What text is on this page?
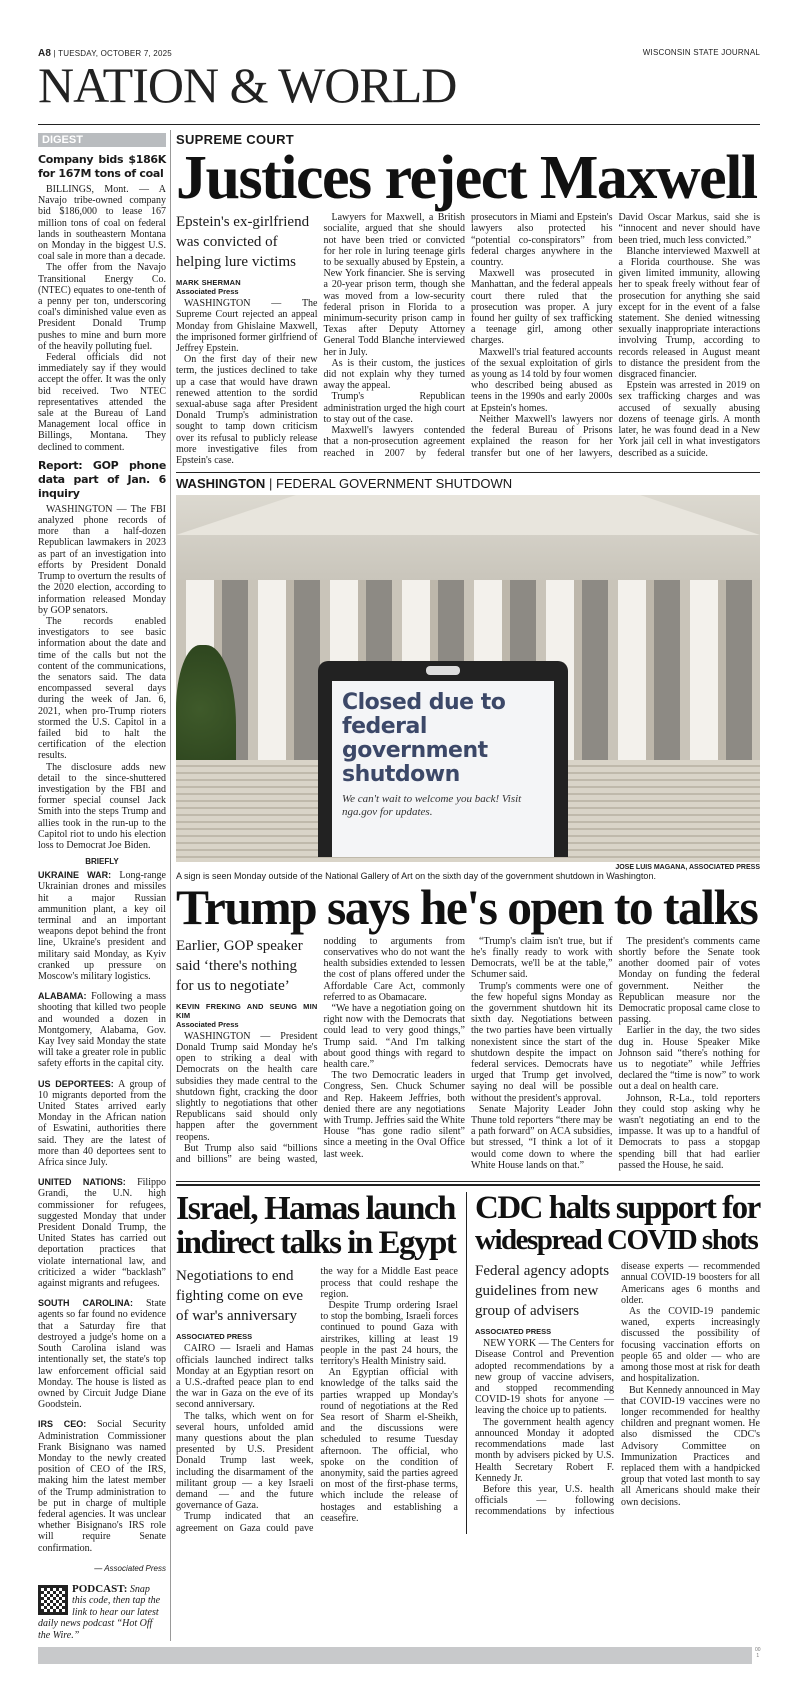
A8 | TUESDAY, OCTOBER 7, 2025	WISCONSIN STATE JOURNAL
NATION & WORLD
DIGEST
Company bids $186K for 167M tons of coal

BILLINGS, Mont. — A Navajo tribe-owned company bid $186,000 to lease 167 million tons of coal on federal lands in southeastern Montana on Monday in the biggest U.S. coal sale in more than a decade.

The offer from the Navajo Transitional Energy Co. (NTEC) equates to one-tenth of a penny per ton, underscoring coal's diminished value even as President Donald Trump pushes to mine and burn more of the heavily polluting fuel.

Federal officials did not immediately say if they would accept the offer. It was the only bid received. Two NTEC representatives attended the sale at the Bureau of Land Management local office in Billings, Montana. They declined to comment.

Report: GOP phone data part of Jan. 6 inquiry

WASHINGTON — The FBI analyzed phone records of more than a half-dozen Republican lawmakers in 2023 as part of an investigation into efforts by President Donald Trump to overturn the results of the 2020 election, according to information released Monday by GOP senators.

The records enabled investigators to see basic information about the date and time of the calls but not the content of the communications, the senators said. The data encompassed several days during the week of Jan. 6, 2021, when pro-Trump rioters stormed the U.S. Capitol in a failed bid to halt the certification of the election results.

The disclosure adds new detail to the since-shuttered investigation by the FBI and former special counsel Jack Smith into the steps Trump and allies took in the run-up to the Capitol riot to undo his election loss to Democrat Joe Biden.

BRIEFLY

UKRAINE WAR: Long-range Ukrainian drones and missiles hit a major Russian ammunition plant, a key oil terminal and an important weapons depot behind the front line, Ukraine's president and military said Monday, as Kyiv cranked up pressure on Moscow's military logistics.

ALABAMA: Following a mass shooting that killed two people and wounded a dozen in Montgomery, Alabama, Gov. Kay Ivey said Monday the state will take a greater role in public safety efforts in the capital city.

US DEPORTEES: A group of 10 migrants deported from the United States arrived early Monday in the African nation of Eswatini, authorities there said. They are the latest of more than 40 deportees sent to Africa since July.

UNITED NATIONS: Filippo Grandi, the U.N. high commissioner for refugees, suggested Monday that under President Donald Trump, the United States has carried out deportation practices that violate international law, and criticized a wider “backlash” against migrants and refugees.

SOUTH CAROLINA: State agents so far found no evidence that a Saturday fire that destroyed a judge's home on a South Carolina island was intentionally set, the state's top law enforcement official said Monday. The house is listed as owned by Circuit Judge Diane Goodstein.

IRS CEO: Social Security Administration Commissioner Frank Bisignano was named Monday to the newly created position of CEO of the IRS, making him the latest member of the Trump administration to be put in charge of multiple federal agencies. It was unclear whether Bisignano's IRS role will require Senate confirmation.

— Associated Press
PODCAST: Snap this code, then tap the link to hear our latest daily news podcast “Hot Off the Wire.”
SUPREME COURT
Justices reject Maxwell
Epstein's ex-girlfriend was convicted of helping lure victims
MARK SHERMAN
Associated Press

WASHINGTON — The Supreme Court rejected an appeal Monday from Ghislaine Maxwell, the imprisoned former girlfriend of Jeffrey Epstein.

On the first day of their new term, the justices declined to take up a case that would have drawn renewed attention to the sordid sexual-abuse saga after President Donald Trump's administration sought to tamp down criticism over its refusal to publicly release more investigative files from Epstein's case.

Lawyers for Maxwell, a British socialite, argued that she should not have been tried or convicted for her role in luring teenage girls to be sexually abused by Epstein, a New York financier. She is serving a 20-year prison term, though she was moved from a low-security federal prison in Florida to a minimum-security prison camp in Texas after Deputy Attorney General Todd Blanche interviewed her in July.

As is their custom, the justices did not explain why they turned away the appeal.

Trump's Republican administration urged the high court to stay out of the case.

Maxwell's lawyers contended that a non-prosecution agreement reached in 2007 by federal prosecutors in Miami and Epstein's lawyers also protected his “potential co-conspirators” from federal charges anywhere in the country.

Maxwell was prosecuted in Manhattan, and the federal appeals court there ruled that the prosecution was proper. A jury found her guilty of sex trafficking a teenage girl, among other charges.

Maxwell's trial featured accounts of the sexual exploitation of girls as young as 14 told by four women who described being abused as teens in the 1990s and early 2000s at Epstein's homes.

Neither Maxwell's lawyers nor the federal Bureau of Prisons explained the reason for her transfer but one of her lawyers, David Oscar Markus, said she is “innocent and never should have been tried, much less convicted.”

Blanche interviewed Maxwell at a Florida courthouse. She was given limited immunity, allowing her to speak freely without fear of prosecution for anything she said except for in the event of a false statement. She denied witnessing sexually inappropriate interactions involving Trump, according to records released in August meant to distance the president from the disgraced financier.

Epstein was arrested in 2019 on sex trafficking charges and was accused of sexually abusing dozens of teenage girls. A month later, he was found dead in a New York jail cell in what investigators described as a suicide.

WASHINGTON | FEDERAL GOVERNMENT SHUTDOWN
Closed due to federal government shutdown
We can't wait to welcome you back! Visit nga.gov for updates.
JOSE LUIS MAGANA, ASSOCIATED PRESS
A sign is seen Monday outside of the National Gallery of Art on the sixth day of the government shutdown in Washington.
Trump says he's open to talks
Earlier, GOP speaker said ‘there's nothing for us to negotiate’
KEVIN FREKING AND SEUNG MIN KIM
Associated Press

WASHINGTON — President Donald Trump said Monday he's open to striking a deal with Democrats on the health care subsidies they made central to the shutdown fight, cracking the door slightly to negotiations that other Republicans said should only happen after the government reopens.

But Trump also said “billions and billions” are being wasted, nodding to arguments from conservatives who do not want the health subsidies extended to lessen the cost of plans offered under the Affordable Care Act, commonly referred to as Obamacare.

“We have a negotiation going on right now with the Democrats that could lead to very good things,” Trump said. “And I'm talking about good things with regard to health care.”

The two Democratic leaders in Congress, Sen. Chuck Schumer and Rep. Hakeem Jeffries, both denied there are any negotiations with Trump. Jeffries said the White House “has gone radio silent” since a meeting in the Oval Office last week.

“Trump's claim isn't true, but if he's finally ready to work with Democrats, we'll be at the table,” Schumer said.

Trump's comments were one of the few hopeful signs Monday as the government shutdown hit its sixth day. Negotiations between the two parties have been virtually nonexistent since the start of the shutdown despite the impact on federal services. Democrats have urged that Trump get involved, saying no deal will be possible without the president's approval.

Senate Majority Leader John Thune told reporters “there may be a path forward” on ACA subsidies, but stressed, “I think a lot of it would come down to where the White House lands on that.”

The president's comments came shortly before the Senate took another doomed pair of votes Monday on funding the federal government. Neither the Republican measure nor the Democratic proposal came close to passing.

Earlier in the day, the two sides dug in. House Speaker Mike Johnson said “there's nothing for us to negotiate” while Jeffries declared the “time is now” to work out a deal on health care.

Johnson, R-La., told reporters they could stop asking why he wasn't negotiating an end to the impasse. It was up to a handful of Democrats to pass a stopgap spending bill that had earlier passed the House, he said.

Israel, Hamas launch
indirect talks in Egypt
Negotiations to end fighting come on eve of war's anniversary
ASSOCIATED PRESS

CAIRO — Israeli and Hamas officials launched indirect talks Monday at an Egyptian resort on a U.S.-drafted peace plan to end the war in Gaza on the eve of its second anniversary.

The talks, which went on for several hours, unfolded amid many questions about the plan presented by U.S. President Donald Trump last week, including the disarmament of the militant group — a key Israeli demand — and the future governance of Gaza.

Trump indicated that an agreement on Gaza could pave the way for a Middle East peace process that could reshape the region.

Despite Trump ordering Israel to stop the bombing, Israeli forces continued to pound Gaza with airstrikes, killing at least 19 people in the past 24 hours, the territory's Health Ministry said.

An Egyptian official with knowledge of the talks said the parties wrapped up Monday's round of negotiations at the Red Sea resort of Sharm el-Sheikh, and the discussions were scheduled to resume Tuesday afternoon. The official, who spoke on the condition of anonymity, said the parties agreed on most of the first-phase terms, which include the release of hostages and establishing a ceasefire.

CDC halts support for
widespread COVID shots
Federal agency adopts guidelines from new group of advisers
ASSOCIATED PRESS

NEW YORK — The Centers for Disease Control and Prevention adopted recommendations by a new group of vaccine advisers, and stopped recommending COVID-19 shots for anyone — leaving the choice up to patients.

The government health agency announced Monday it adopted recommendations made last month by advisers picked by U.S. Health Secretary Robert F. Kennedy Jr.

Before this year, U.S. health officials — following recommendations by infectious disease experts — recommended annual COVID-19 boosters for all Americans ages 6 months and older.

As the COVID-19 pandemic waned, experts increasingly discussed the possibility of focusing vaccination efforts on people 65 and older — who are among those most at risk for death and hospitalization.

But Kennedy announced in May that COVID-19 vaccines were no longer recommended for healthy children and pregnant women. He also dismissed the CDC's Advisory Committee on Immunization Practices and replaced them with a handpicked group that voted last month to say all Americans should make their own decisions.

00
1
